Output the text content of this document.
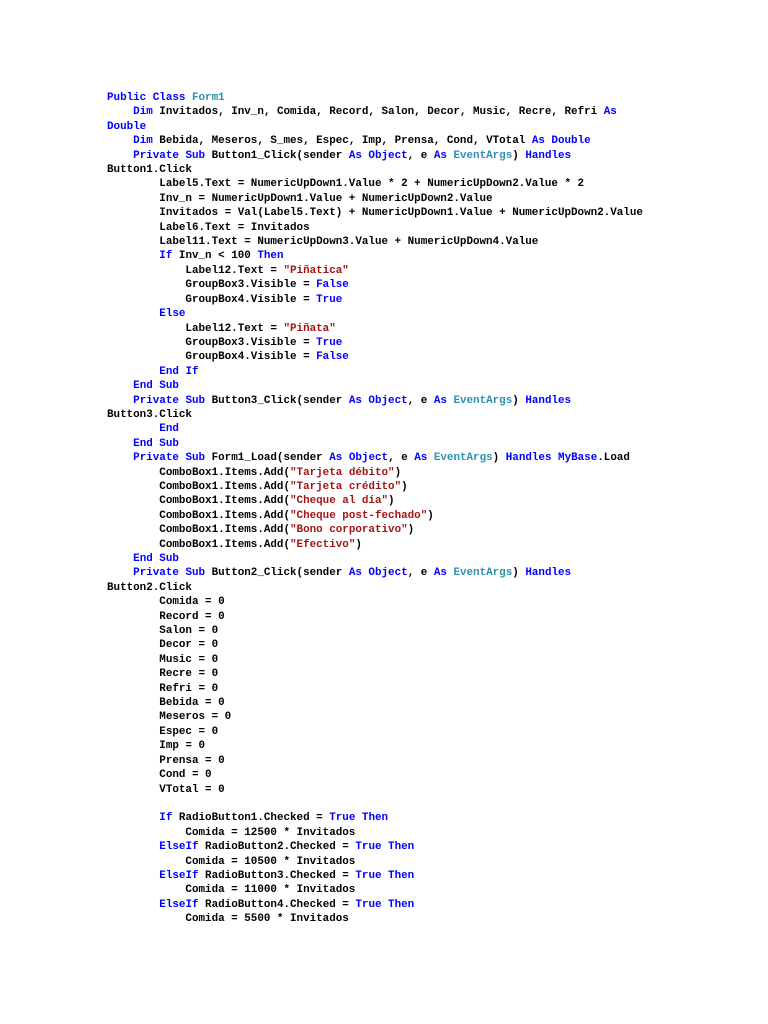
Public Class Form1
Dim Invitados, Inv_n, Comida, Record, Salon, Decor, Music, Recre, Refri As
Double
Dim Bebida, Meseros, S_mes, Espec, Imp, Prensa, Cond, VTotal As Double
Private Sub Button1_Click(sender As Object, e As EventArgs) Handles
Button1.Click
Label5.Text = NumericUpDown1.Value * 2 + NumericUpDown2.Value * 2
Inv_n = NumericUpDown1.Value + NumericUpDown2.Value
Invitados = Val(Label5.Text) + NumericUpDown1.Value + NumericUpDown2.Value
Label6.Text = Invitados
Label11.Text = NumericUpDown3.Value + NumericUpDown4.Value
If Inv_n < 100 Then
Label12.Text = "Piñatica"
GroupBox3.Visible = False
GroupBox4.Visible = True
Else
Label12.Text = "Piñata"
GroupBox3.Visible = True
GroupBox4.Visible = False
End If
End Sub
Private Sub Button3_Click(sender As Object, e As EventArgs) Handles
Button3.Click
End
End Sub
Private Sub Form1_Load(sender As Object, e As EventArgs) Handles MyBase.Load
ComboBox1.Items.Add("Tarjeta débito")
ComboBox1.Items.Add("Tarjeta crédito")
ComboBox1.Items.Add("Cheque al día")
ComboBox1.Items.Add("Cheque post-fechado")
ComboBox1.Items.Add("Bono corporativo")
ComboBox1.Items.Add("Efectivo")
End Sub
Private Sub Button2_Click(sender As Object, e As EventArgs) Handles
Button2.Click
Comida = 0
Record = 0
Salon = 0
Decor = 0
Music = 0
Recre = 0
Refri = 0
Bebida = 0
Meseros = 0
Espec = 0
Imp = 0
Prensa = 0
Cond = 0
VTotal = 0
If RadioButton1.Checked = True Then
Comida = 12500 * Invitados
ElseIf RadioButton2.Checked = True Then
Comida = 10500 * Invitados
ElseIf RadioButton3.Checked = True Then
Comida = 11000 * Invitados
ElseIf RadioButton4.Checked = True Then
Comida = 5500 * Invitados
